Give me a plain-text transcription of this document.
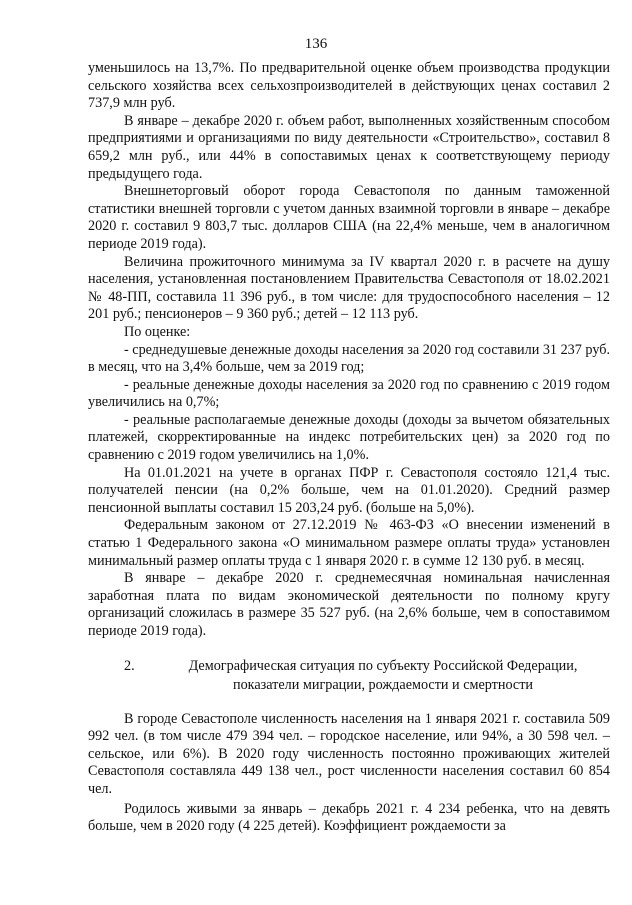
136

уменьшилось на 13,7%. По предварительной оценке объем производства продукции сельского хозяйства всех сельхозпроизводителей в действующих ценах составил 2 737,9 млн руб.

В январе – декабре 2020 г. объем работ, выполненных хозяйственным способом предприятиями и организациями по виду деятельности «Строительство», составил 8 659,2 млн руб., или 44% в сопоставимых ценах к соответствующему периоду предыдущего года.

Внешнеторговый оборот города Севастополя по данным таможенной статистики внешней торговли с учетом данных взаимной торговли в январе – декабре 2020 г. составил 9 803,7 тыс. долларов США (на 22,4% меньше, чем в аналогичном периоде 2019 года).

Величина прожиточного минимума за IV квартал 2020 г. в расчете на душу населения, установленная постановлением Правительства Севастополя от 18.02.2021 № 48-ПП, составила 11 396 руб., в том числе: для трудоспособного населения – 12 201 руб.; пенсионеров – 9 360 руб.; детей – 12 113 руб.

По оценке:

- среднедушевые денежные доходы населения за 2020 год составили 31 237 руб. в месяц, что на 3,4% больше, чем за 2019 год;

- реальные денежные доходы населения за 2020 год по сравнению с 2019 годом увеличились на 0,7%;

- реальные располагаемые денежные доходы (доходы за вычетом обязательных платежей, скорректированные на индекс потребительских цен) за 2020 год по сравнению с 2019 годом увеличились на 1,0%.

На 01.01.2021 на учете в органах ПФР г. Севастополя состояло 121,4 тыс. получателей пенсии (на 0,2% больше, чем на 01.01.2020). Средний размер пенсионной выплаты составил 15 203,24 руб. (больше на 5,0%).

Федеральным законом от 27.12.2019 № 463-ФЗ «О внесении изменений в статью 1 Федерального закона «О минимальном размере оплаты труда» установлен минимальный размер оплаты труда с 1 января 2020 г. в сумме 12 130 руб. в месяц.

В январе – декабре 2020 г. среднемесячная номинальная начисленная заработная плата по видам экономической деятельности по полному кругу организаций сложилась в размере 35 527 руб. (на 2,6% больше, чем в сопоставимом периоде 2019 года).

2.	Демографическая ситуация по субъекту Российской Федерации, показатели миграции, рождаемости и смертности

В городе Севастополе численность населения на 1 января 2021 г. составила 509 992 чел. (в том числе 479 394 чел. – городское население, или 94%, а 30 598 чел. – сельское, или 6%). В 2020 году численность постоянно проживающих жителей Севастополя составляла 449 138 чел., рост численности населения составил 60 854 чел.

Родилось живыми за январь – декабрь 2021 г. 4 234 ребенка, что на девять больше, чем в 2020 году (4 225 детей). Коэффициент рождаемости за
